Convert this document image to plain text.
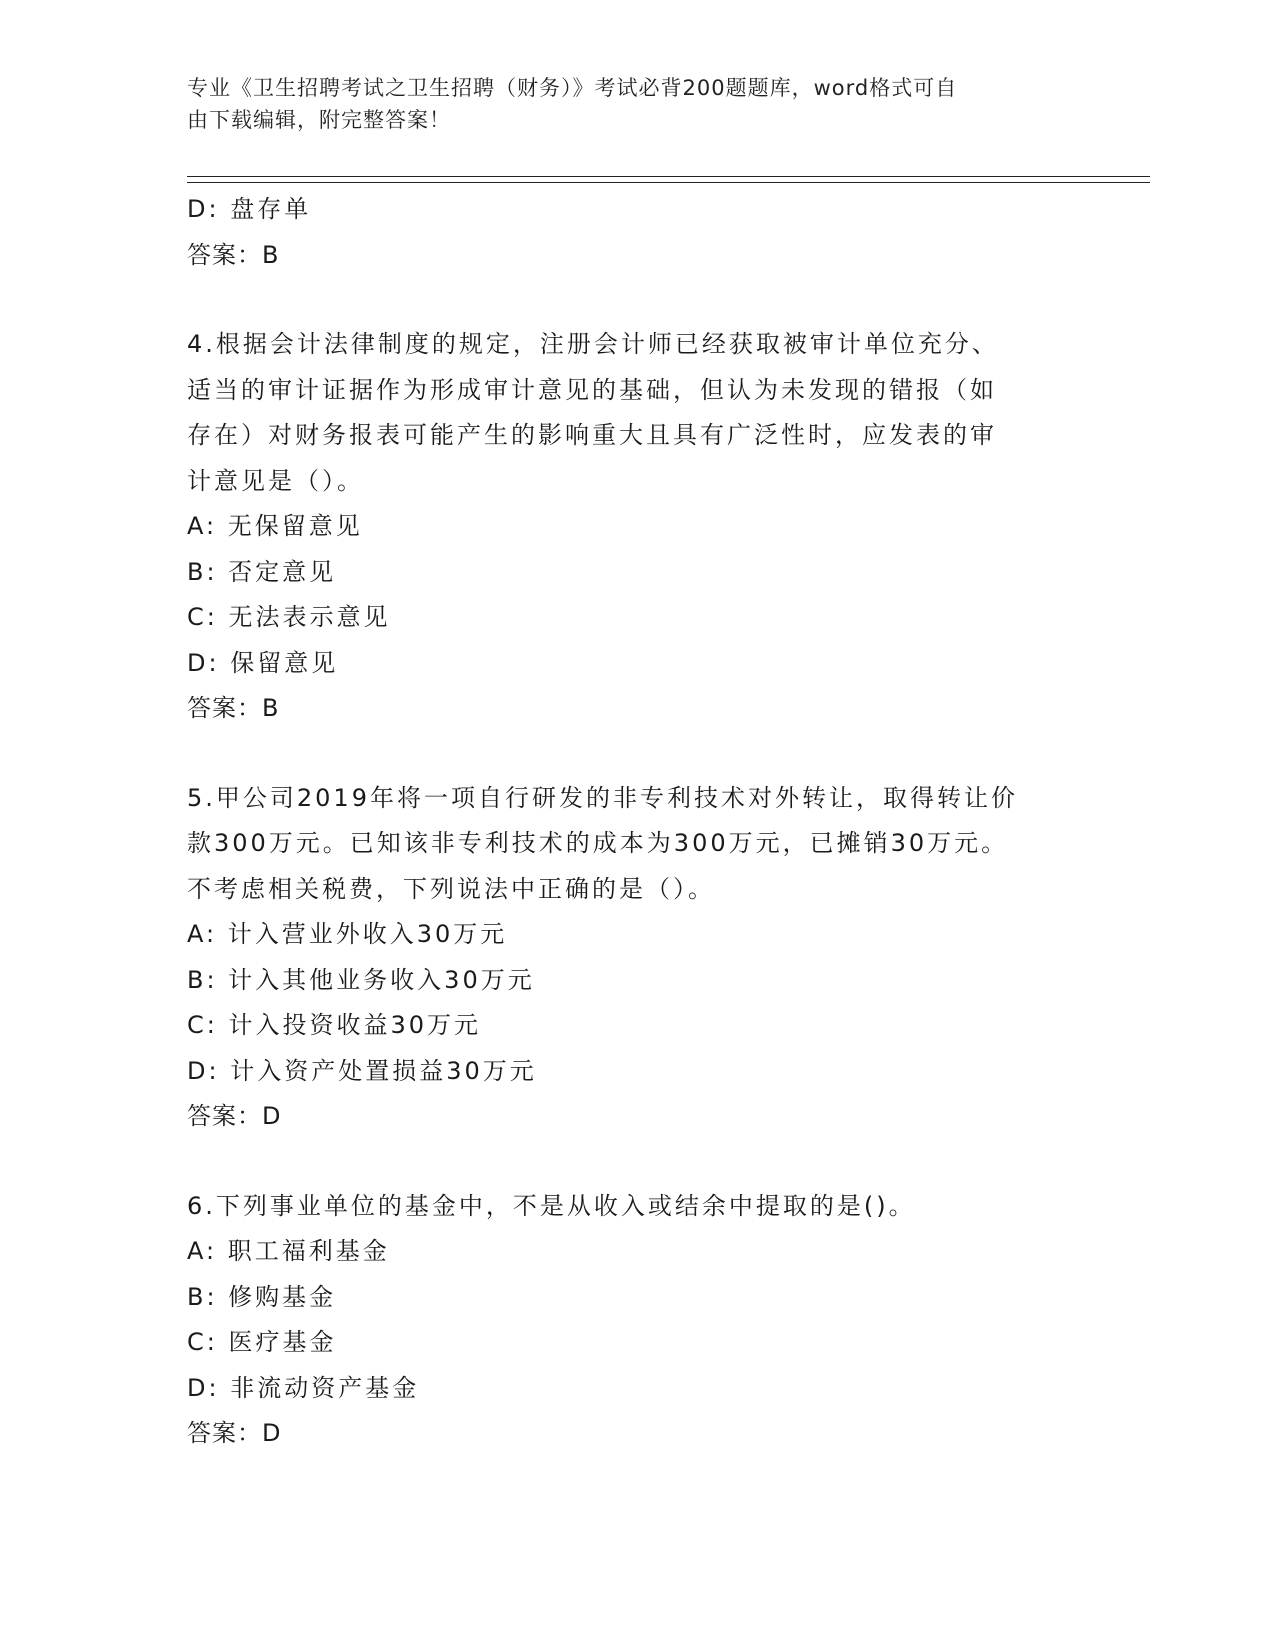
专业《卫生招聘考试之卫生招聘（财务）》考试必背200题题库，word格式可自
由下载编辑，附完整答案！
D: 盘存单
答案：B
4.根据会计法律制度的规定，注册会计师已经获取被审计单位充分、
适当的审计证据作为形成审计意见的基础，但认为未发现的错报（如
存在）对财务报表可能产生的影响重大且具有广泛性时，应发表的审
计意见是（）。
A: 无保留意见
B: 否定意见
C: 无法表示意见
D: 保留意见
答案：B
5.甲公司2019年将一项自行研发的非专利技术对外转让，取得转让价
款300万元。已知该非专利技术的成本为300万元，已摊销30万元。
不考虑相关税费，下列说法中正确的是（）。
A: 计入营业外收入30万元
B: 计入其他业务收入30万元
C: 计入投资收益30万元
D: 计入资产处置损益30万元
答案：D
6.下列事业单位的基金中，不是从收入或结余中提取的是()。
A: 职工福利基金
B: 修购基金
C: 医疗基金
D: 非流动资产基金
答案：D
